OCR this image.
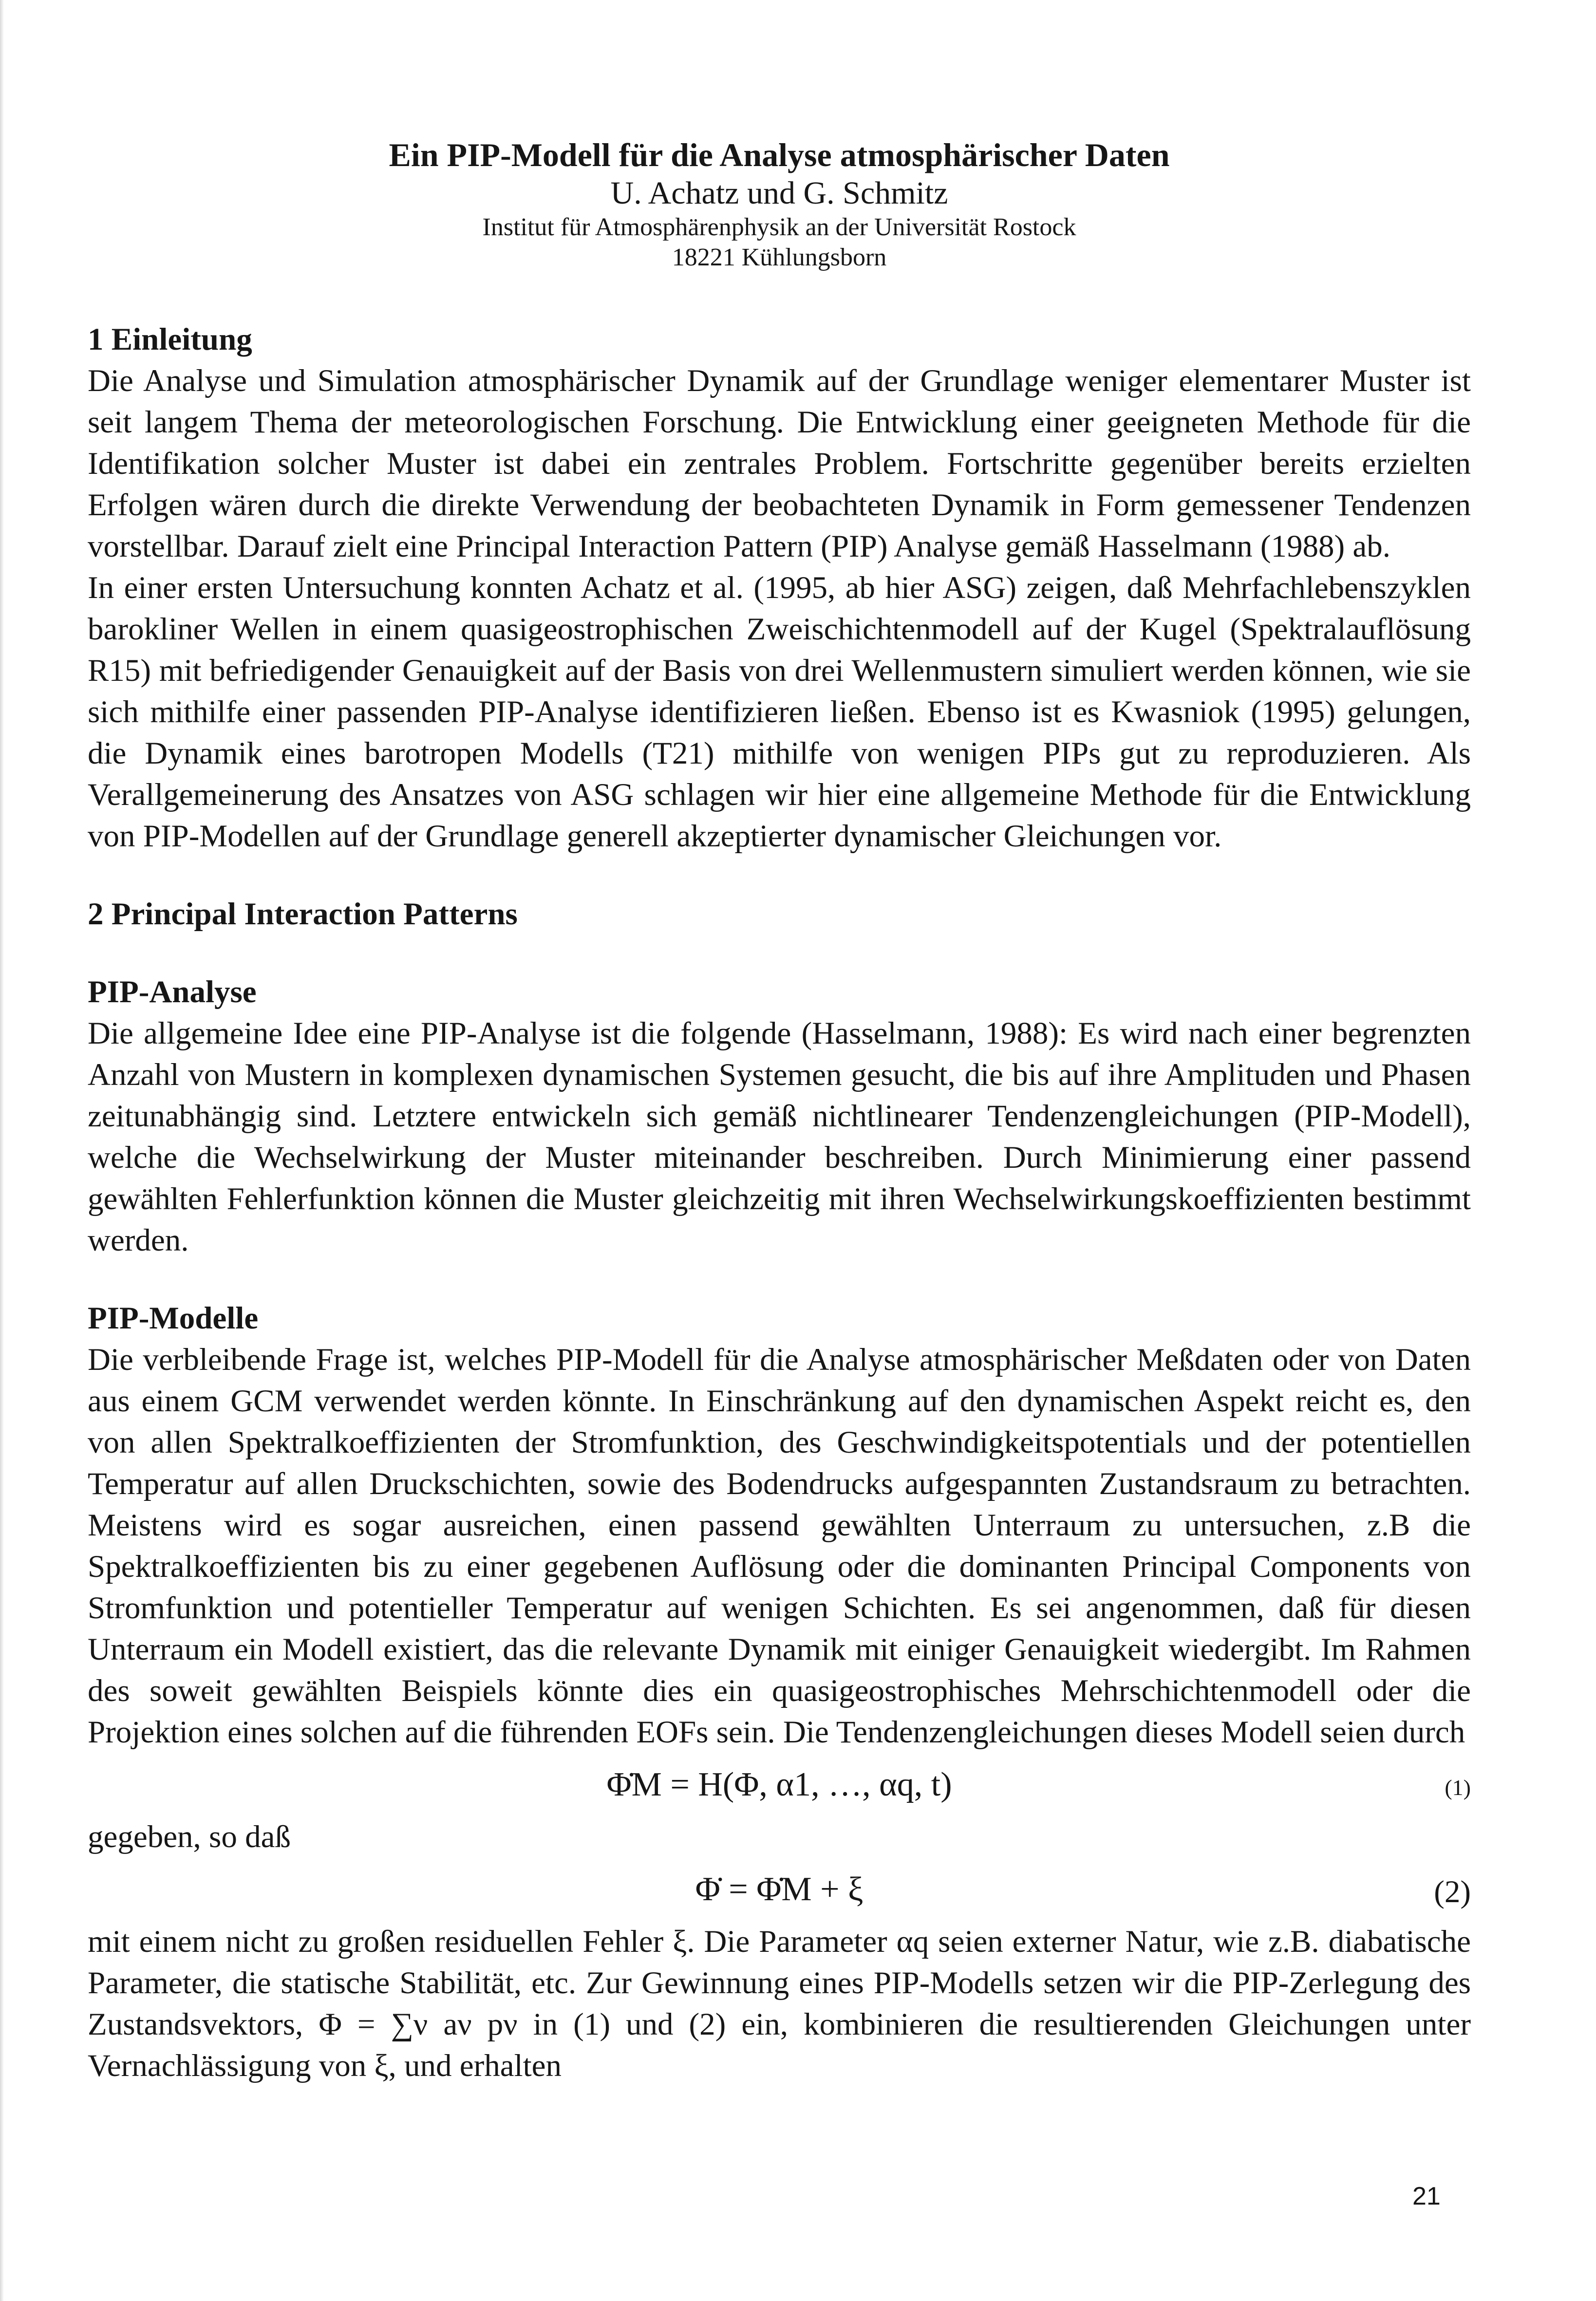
Ein PIP-Modell für die Analyse atmosphärischer Daten
U. Achatz und G. Schmitz
Institut für Atmosphärenphysik an der Universität Rostock
18221 Kühlungsborn
1 Einleitung

Die Analyse und Simulation atmosphärischer Dynamik auf der Grundlage weniger elementarer Muster ist seit langem Thema der meteorologischen Forschung. Die Entwicklung einer geeigneten Methode für die Identifikation solcher Muster ist dabei ein zentrales Problem. Fortschritte gegenüber bereits erzielten Erfolgen wären durch die direkte Verwendung der beobachteten Dynamik in Form gemessener Tendenzen vorstellbar. Darauf zielt eine Principal Interaction Pattern (PIP) Analyse gemäß Hasselmann (1988) ab.

In einer ersten Untersuchung konnten Achatz et al. (1995, ab hier ASG) zeigen, daß Mehrfachlebenszyklen barokliner Wellen in einem quasigeostrophischen Zweischichtenmodell auf der Kugel (Spektralauflösung R15) mit befriedigender Genauigkeit auf der Basis von drei Wellenmustern simuliert werden können, wie sie sich mithilfe einer passenden PIP-Analyse identifizieren ließen. Ebenso ist es Kwasniok (1995) gelungen, die Dynamik eines barotropen Modells (T21) mithilfe von wenigen PIPs gut zu reproduzieren. Als Verallgemeinerung des Ansatzes von ASG schlagen wir hier eine allgemeine Methode für die Entwicklung von PIP-Modellen auf der Grundlage generell akzeptierter dynamischer Gleichungen vor.

2 Principal Interaction Patterns
PIP-Analyse

Die allgemeine Idee eine PIP-Analyse ist die folgende (Hasselmann, 1988): Es wird nach einer begrenzten Anzahl von Mustern in komplexen dynamischen Systemen gesucht, die bis auf ihre Amplituden und Phasen zeitunabhängig sind. Letztere entwickeln sich gemäß nichtlinearer Tendenzengleichungen (PIP-Modell), welche die Wechselwirkung der Muster miteinander beschreiben. Durch Minimierung einer passend gewählten Fehlerfunktion können die Muster gleichzeitig mit ihren Wechselwirkungskoeffizienten bestimmt werden.

PIP-Modelle

Die verbleibende Frage ist, welches PIP-Modell für die Analyse atmosphärischer Meßdaten oder von Daten aus einem GCM verwendet werden könnte. In Einschränkung auf den dynamischen Aspekt reicht es, den von allen Spektralkoeffizienten der Stromfunktion, des Geschwindigkeitspotentials und der potentiellen Temperatur auf allen Druckschichten, sowie des Bodendrucks aufgespannten Zustandsraum zu betrachten. Meistens wird es sogar ausreichen, einen passend gewählten Unterraum zu untersuchen, z.B die Spektralkoeffizienten bis zu einer gegebenen Auflösung oder die dominanten Principal Components von Stromfunktion und potentieller Temperatur auf wenigen Schichten. Es sei angenommen, daß für diesen Unterraum ein Modell existiert, das die relevante Dynamik mit einiger Genauigkeit wiedergibt. Im Rahmen des soweit gewählten Beispiels könnte dies ein quasigeostrophisches Mehrschichtenmodell oder die Projektion eines solchen auf die führenden EOFs sein. Die Tendenzengleichungen dieses Modell seien durch

Φ̇M = H(Φ, α1, …, αq, t)	(1)

gegeben, so daß

Φ̇ = Φ̇M + ξ	(2)

mit einem nicht zu großen residuellen Fehler ξ. Die Parameter αq seien externer Natur, wie z.B. diabatische Parameter, die statische Stabilität, etc. Zur Gewinnung eines PIP-Modells setzen wir die PIP-Zerlegung des Zustandsvektors, Φ = ∑ν aν pν in (1) und (2) ein, kombinieren die resultierenden Gleichungen unter Vernachlässigung von ξ, und erhalten

21
